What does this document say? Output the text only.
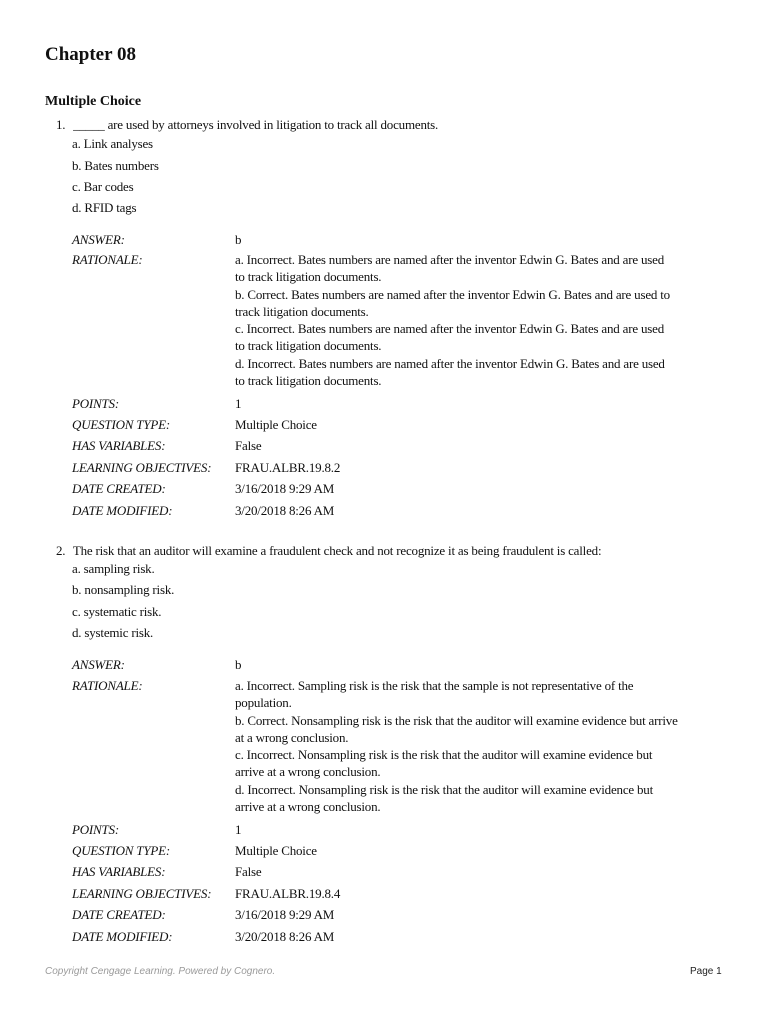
Chapter 08
Multiple Choice
1. _____ are used by attorneys involved in litigation to track all documents.
a. Link analyses
b. Bates numbers
c. Bar codes
d. RFID tags
ANSWER:	b
RATIONALE:	a. Incorrect. Bates numbers are named after the inventor Edwin G. Bates and are used
to track litigation documents.
b. Correct. Bates numbers are named after the inventor Edwin G. Bates and are used to
track litigation documents.
c. Incorrect. Bates numbers are named after the inventor Edwin G. Bates and are used
to track litigation documents.
d. Incorrect. Bates numbers are named after the inventor Edwin G. Bates and are used
to track litigation documents.
POINTS:	1
QUESTION TYPE:	Multiple Choice
HAS VARIABLES:	False
LEARNING OBJECTIVES:	FRAU.ALBR.19.8.2
DATE CREATED:	3/16/2018 9:29 AM
DATE MODIFIED:	3/20/2018 8:26 AM
2. The risk that an auditor will examine a fraudulent check and not recognize it as being fraudulent is called:
a. sampling risk.
b. nonsampling risk.
c. systematic risk.
d. systemic risk.
ANSWER:	b
RATIONALE:	a. Incorrect. Sampling risk is the risk that the sample is not representative of the
population.
b. Correct. Nonsampling risk is the risk that the auditor will examine evidence but arrive
at a wrong conclusion.
c. Incorrect. Nonsampling risk is the risk that the auditor will examine evidence but
arrive at a wrong conclusion.
d. Incorrect. Nonsampling risk is the risk that the auditor will examine evidence but
arrive at a wrong conclusion.
POINTS:	1
QUESTION TYPE:	Multiple Choice
HAS VARIABLES:	False
LEARNING OBJECTIVES:	FRAU.ALBR.19.8.4
DATE CREATED:	3/16/2018 9:29 AM
DATE MODIFIED:	3/20/2018 8:26 AM
Copyright Cengage Learning. Powered by Cognero.	Page 1
